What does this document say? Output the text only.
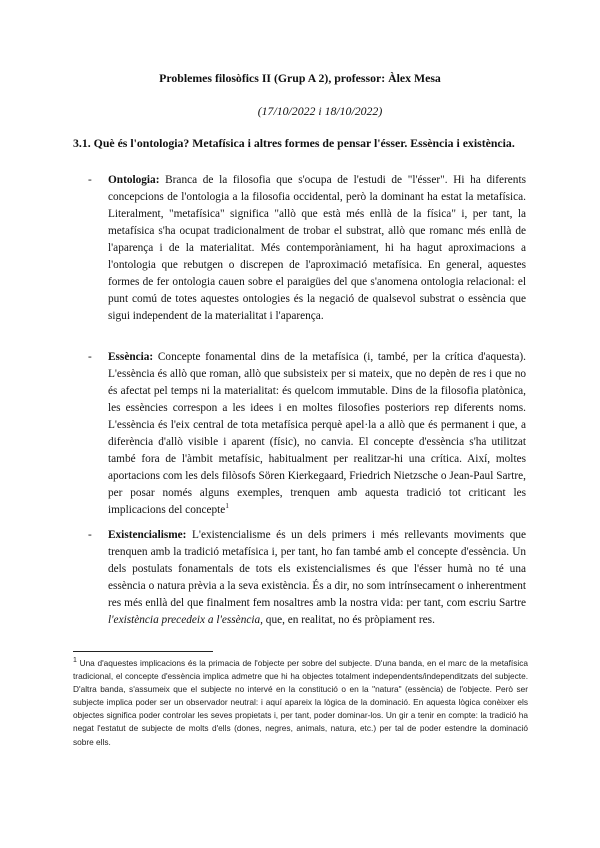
Problemes filosòfics II (Grup A 2), professor: Àlex Mesa
(17/10/2022 i 18/10/2022)
3.1. Què és l'ontologia? Metafísica i altres formes de pensar l'ésser. Essència i existència.
- Ontologia: Branca de la filosofia que s'ocupa de l'estudi de "l'ésser". Hi ha diferents concepcions de l'ontologia a la filosofia occidental, però la dominant ha estat la metafísica. Literalment, "metafísica" significa "allò que està més enllà de la física" i, per tant, la metafísica s'ha ocupat tradicionalment de trobar el substrat, allò que romanc més enllà de l'aparença i de la materialitat. Més contemporàniament, hi ha hagut aproximacions a l'ontologia que rebutgen o discrepen de l'aproximació metafísica. En general, aquestes formes de fer ontologia cauen sobre el paraigües del que s'anomena ontologia relacional: el punt comú de totes aquestes ontologies és la negació de qualsevol substrat o essència que sigui independent de la materialitat i l'aparença.
- Essència: Concepte fonamental dins de la metafísica (i, també, per la crítica d'aquesta). L'essència és allò que roman, allò que subsisteix per si mateix, que no depèn de res i que no és afectat pel temps ni la materialitat: és quelcom immutable. Dins de la filosofia platònica, les essències correspon a les idees i en moltes filosofies posteriors rep diferents noms. L'essència és l'eix central de tota metafísica perquè apel·la a allò que és permanent i que, a diferència d'allò visible i aparent (físic), no canvia. El concepte d'essència s'ha utilitzat també fora de l'àmbit metafísic, habitualment per realitzar-hi una crítica. Així, moltes aportacions com les dels filòsofs Sören Kierkegaard, Friedrich Nietzsche o Jean-Paul Sartre, per posar només alguns exemples, trenquen amb aquesta tradició tot criticant les implicacions del concepte$^1$
- Existencialisme: L'existencialisme és un dels primers i més rellevants moviments que trenquen amb la tradició metafísica i, per tant, ho fan també amb el concepte d'essència. Un dels postulats fonamentals de tots els existencialismes és que l'ésser humà no té una essència o natura prèvia a la seva existència. És a dir, no som intrínsecament o inherentment res més enllà del que finalment fem nosaltres amb la nostra vida: per tant, com escriu Sartre l'existència precedeix a l'essència, que, en realitat, no és pròpiament res.
$^1$ Una d'aquestes implicacions és la primacia de l'objecte per sobre del subjecte. D'una banda, en el marc de la metafísica tradicional, el concepte d'essència implica admetre que hi ha objectes totalment independents/independitzats del subjecte. D'altra banda, s'assumeix que el subjecte no intervé en la constitució o en la "natura" (essència) de l'objecte. Però ser subjecte implica poder ser un observador neutral: i aquí apareix la lògica de la dominació. En aquesta lògica conèixer els objectes significa poder controlar les seves propietats i, per tant, poder dominar-los. Un gir a tenir en compte: la tradició ha negat l'estatut de subjecte de molts d'ells (dones, negres, animals, natura, etc.) per tal de poder estendre la dominació sobre ells.
